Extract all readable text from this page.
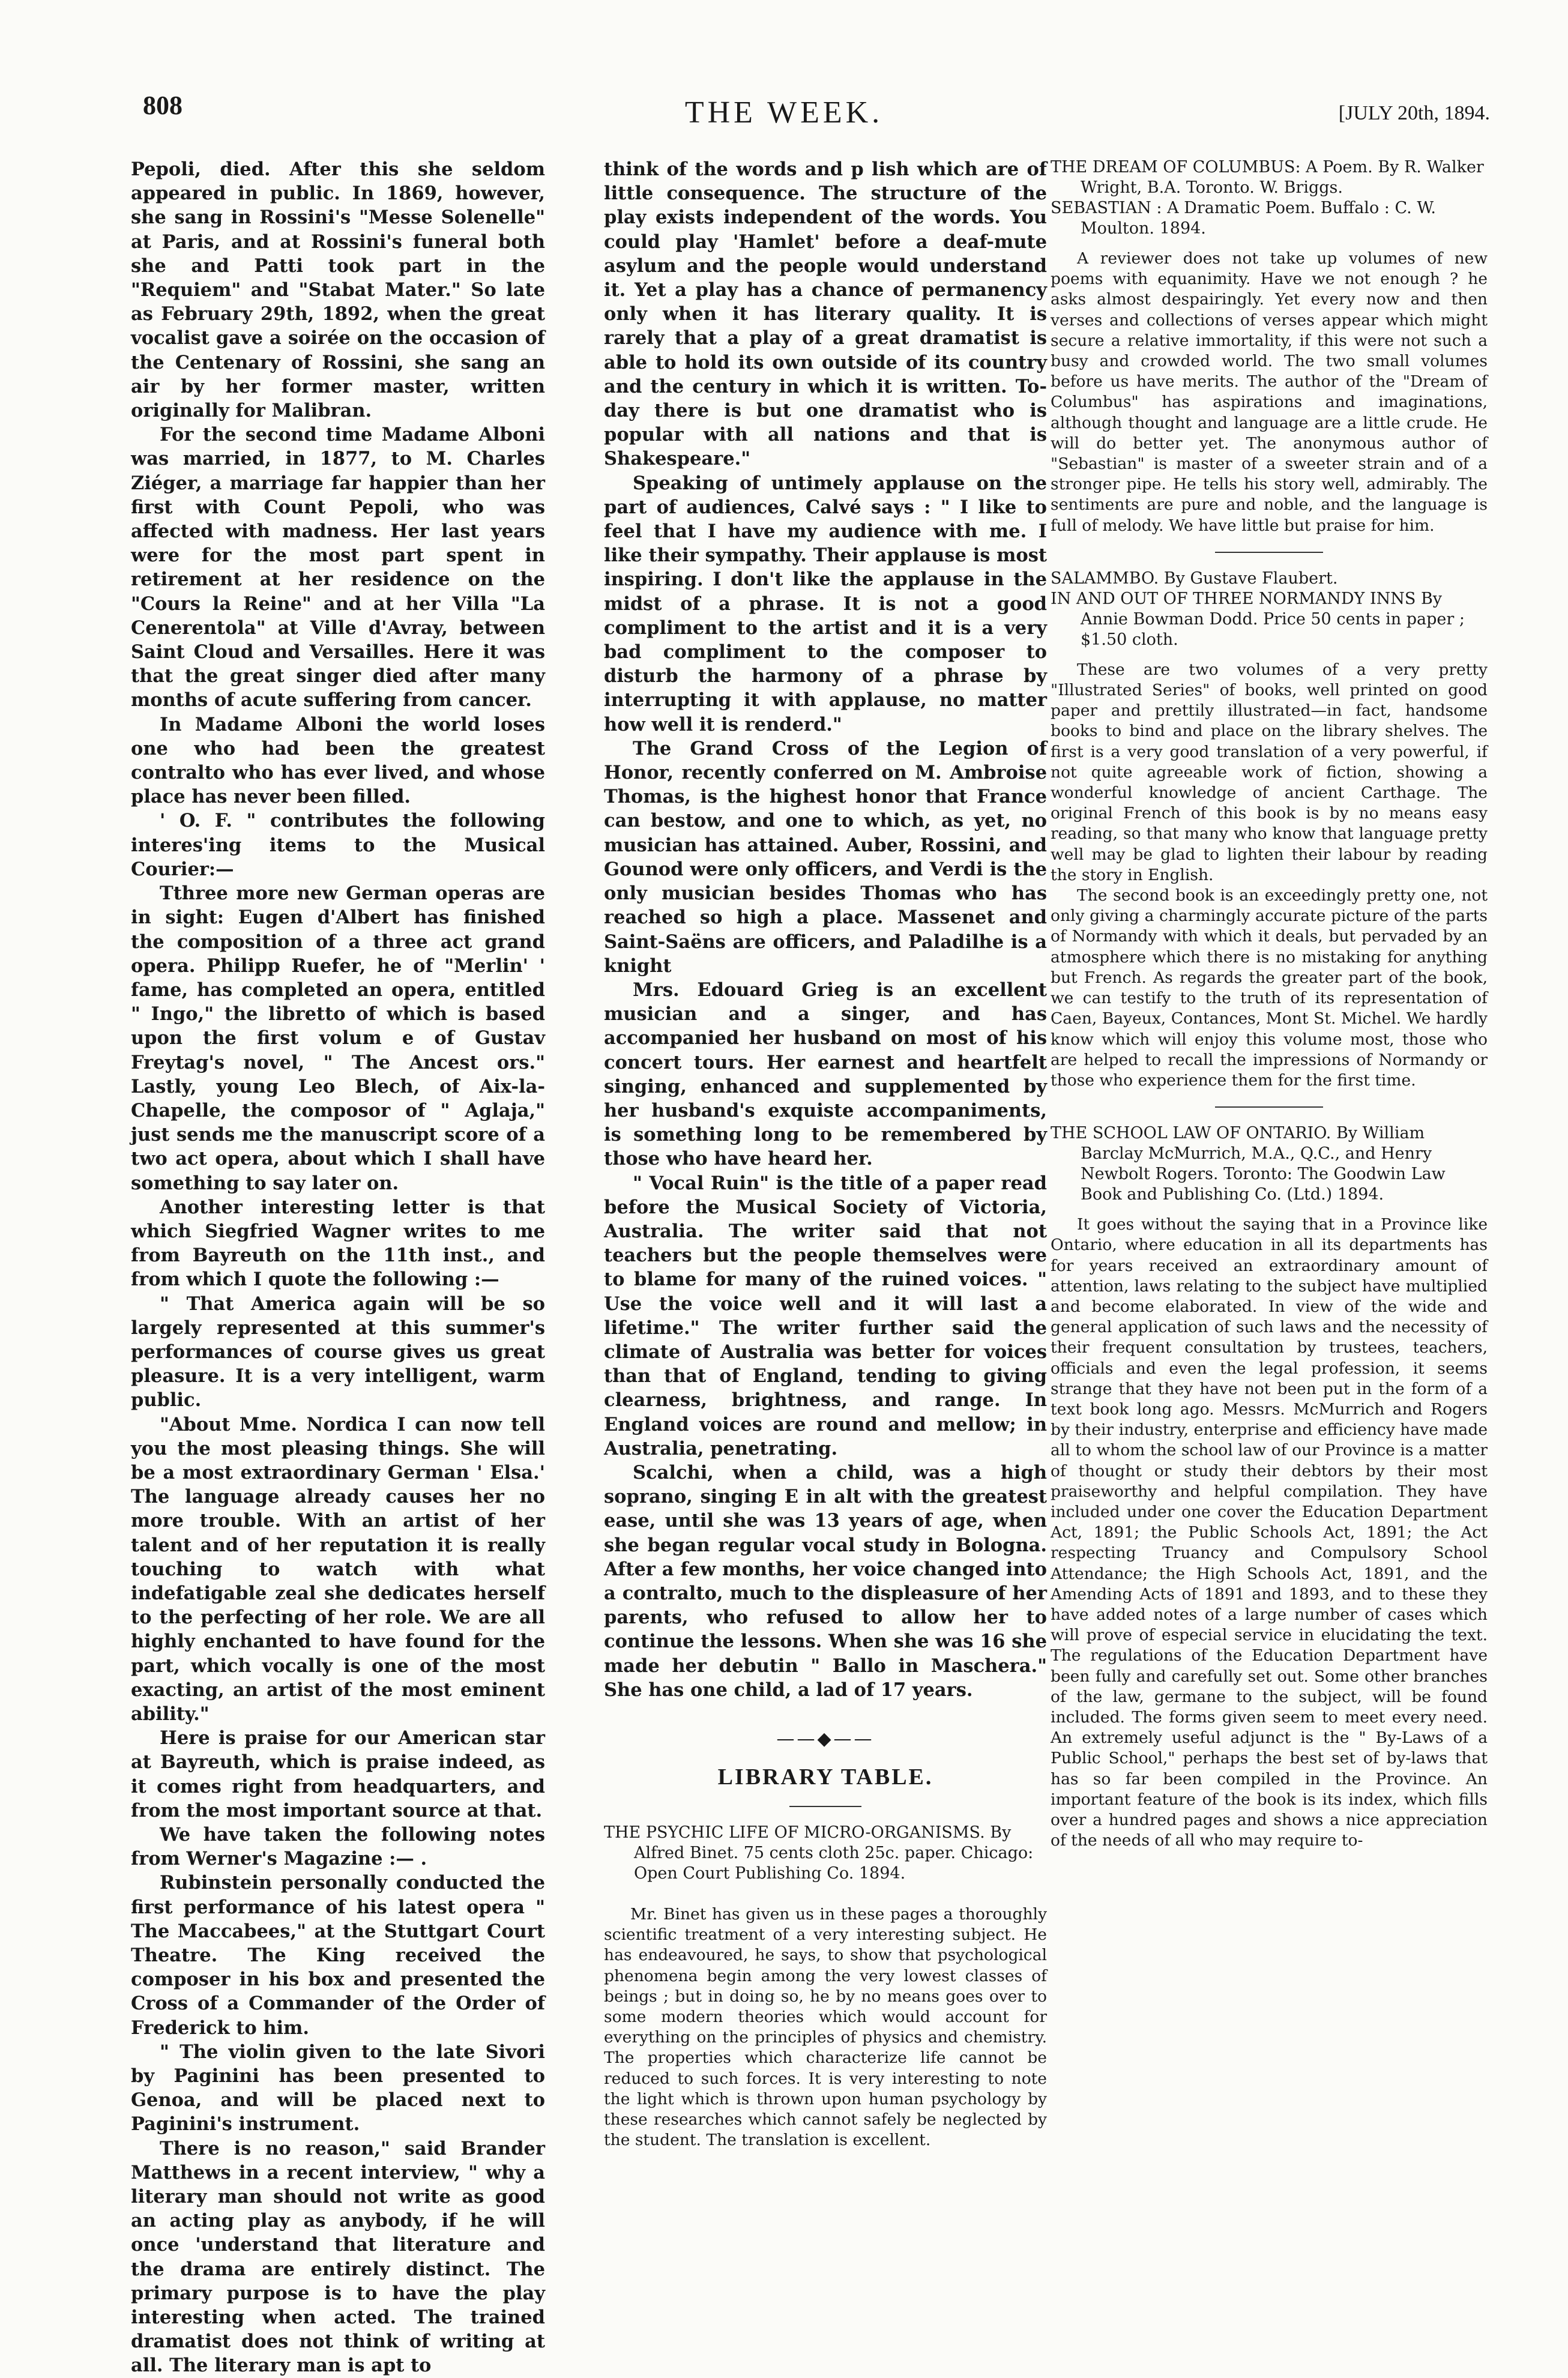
808	THE WEEK.	[JULY 20th, 1894.

Pepoli, died. After this she seldom appeared in public. In 1869, however, she sang in Rossini's "Messe Solenelle" at Paris, and at Rossini's funeral both she and Patti took part in the "Requiem" and "Stabat Mater." So late as February 29th, 1892, when the great vocalist gave a soirée on the occasion of the Centenary of Rossini, she sang an air by her former master, written originally for Malibran.

For the second time Madame Alboni was married, in 1877, to M. Charles Ziéger, a marriage far happier than her first with Count Pepoli, who was affected with madness. Her last years were for the most part spent in retirement at her residence on the "Cours la Reine" and at her Villa "La Cenerentola" at Ville d'Avray, between Saint Cloud and Versailles. Here it was that the great singer died after many months of acute suffering from cancer.

In Madame Alboni the world loses one who had been the greatest contralto who has ever lived, and whose place has never been filled.

' O. F. " contributes the following interes'ing items to the Musical Courier:—

Tthree more new German operas are in sight: Eugen d'Albert has finished the composition of a three act grand opera. Philipp Ruefer, he of "Merlin' ' fame, has completed an opera, entitled " Ingo," the libretto of which is based upon the first volum e of Gustav Freytag's novel, " The Ancest ors." Lastly, young Leo Blech, of Aix-la-Chapelle, the composor of " Aglaja," just sends me the manuscript score of a two act opera, about which I shall have something to say later on.

Another interesting letter is that which Siegfried Wagner writes to me from Bayreuth on the 11th inst., and from which I quote the following :—

" That America again will be so largely represented at this summer's performances of course gives us great pleasure. It is a very intelligent, warm public.

"About Mme. Nordica I can now tell you the most pleasing things. She will be a most extraordinary German ' Elsa.' The language already causes her no more trouble. With an artist of her talent and of her reputation it is really touching to watch with what indefatigable zeal she dedicates herself to the perfecting of her role. We are all highly enchanted to have found for the part, which vocally is one of the most exacting, an artist of the most eminent ability."

Here is praise for our American star at Bayreuth, which is praise indeed, as it comes right from headquarters, and from the most important source at that.

We have taken the following notes from Werner's Magazine :— .

Rubinstein personally conducted the first performance of his latest opera " The Maccabees," at the Stuttgart Court Theatre. The King received the composer in his box and presented the Cross of a Commander of the Order of Frederick to him.

" The violin given to the late Sivori by Paginini has been presented to Genoa, and will be placed next to Paginini's instrument.

There is no reason," said Brander Matthews in a recent interview, " why a literary man should not write as good an acting play as anybody, if he will once 'understand that literature and the drama are entirely distinct. The primary purpose is to have the play interesting when acted. The trained dramatist does not think of writing at all. The literary man is apt to

think of the words and p lish which are of little consequence. The structure of the play exists independent of the words. You could play 'Hamlet' before a deaf-mute asylum and the people would understand it. Yet a play has a chance of permanency only when it has literary quality. It is rarely that a play of a great dramatist is able to hold its own outside of its country and the century in which it is written. To-day there is but one dramatist who is popular with all nations and that is Shakespeare."

Speaking of untimely applause on the part of audiences, Calvé says : " I like to feel that I have my audience with me. I like their sympathy. Their applause is most inspiring. I don't like the applause in the midst of a phrase. It is not a good compliment to the artist and it is a very bad compliment to the composer to disturb the harmony of a phrase by interrupting it with applause, no matter how well it is renderd."

The Grand Cross of the Legion of Honor, recently conferred on M. Ambroise Thomas, is the highest honor that France can bestow, and one to which, as yet, no musician has attained. Auber, Rossini, and Gounod were only officers, and Verdi is the only musician besides Thomas who has reached so high a place. Massenet and Saint-Saëns are officers, and Paladilhe is a knight

Mrs. Edouard Grieg is an excellent musician and a singer, and has accompanied her husband on most of his concert tours. Her earnest and heartfelt singing, enhanced and supplemented by her husband's exquiste accompaniments, is something long to be remembered by those who have heard her.

" Vocal Ruin" is the title of a paper read before the Musical Society of Victoria, Australia. The writer said that not teachers but the people themselves were to blame for many of the ruined voices. " Use the voice well and it will last a lifetime." The writer further said the climate of Australia was better for voices than that of England, tending to giving clearness, brightness, and range. In England voices are round and mellow; in Australia, penetrating.

Scalchi, when a child, was a high soprano, singing E in alt with the greatest ease, until she was 13 years of age, when she began regular vocal study in Bologna. After a few months, her voice changed into a contralto, much to the displeasure of her parents, who refused to allow her to continue the lessons. When she was 16 she made her debutin " Ballo in Maschera." She has one child, a lad of 17 years.

——◆——
LIBRARY TABLE.

THE PSYCHIC LIFE OF MICRO-ORGANISMS. By Alfred Binet. 75 cents cloth 25c. paper. Chicago: Open Court Publishing Co. 1894.

Mr. Binet has given us in these pages a thoroughly scientific treatment of a very interesting subject. He has endeavoured, he says, to show that psychological phenomena begin among the very lowest classes of beings ; but in doing so, he by no means goes over to some modern theories which would account for everything on the principles of physics and chemistry. The properties which characterize life cannot be reduced to such forces. It is very interesting to note the light which is thrown upon human psychology by these researches which cannot safely be neglected by the student. The translation is excellent.

THE DREAM OF COLUMBUS: A Poem. By R. Walker Wright, B.A. Toronto. W. Briggs.

SEBASTIAN : A Dramatic Poem. Buffalo : C. W. Moulton. 1894.

A reviewer does not take up volumes of new poems with equanimity. Have we not enough ? he asks almost despairingly. Yet every now and then verses and collections of verses appear which might secure a relative immortality, if this were not such a busy and crowded world. The two small volumes before us have merits. The author of the "Dream of Columbus" has aspirations and imaginations, although thought and language are a little crude. He will do better yet. The anonymous author of "Sebastian" is master of a sweeter strain and of a stronger pipe. He tells his story well, admirably. The sentiments are pure and noble, and the language is full of melody. We have little but praise for him.

SALAMMBO. By Gustave Flaubert.

IN AND OUT OF THREE NORMANDY INNS By Annie Bowman Dodd. Price 50 cents in paper ; $1.50 cloth.

These are two volumes of a very pretty "Illustrated Series" of books, well printed on good paper and prettily illustrated—in fact, handsome books to bind and place on the library shelves. The first is a very good translation of a very powerful, if not quite agreeable work of fiction, showing a wonderful knowledge of ancient Carthage. The original French of this book is by no means easy reading, so that many who know that language pretty well may be glad to lighten their labour by reading the story in English.

The second book is an exceedingly pretty one, not only giving a charmingly accurate picture of the parts of Normandy with which it deals, but pervaded by an atmosphere which there is no mistaking for anything but French. As regards the greater part of the book, we can testify to the truth of its representation of Caen, Bayeux, Contances, Mont St. Michel. We hardly know which will enjoy this volume most, those who are helped to recall the impressions of Normandy or those who experience them for the first time.

THE SCHOOL LAW OF ONTARIO. By William Barclay McMurrich, M.A., Q.C., and Henry Newbolt Rogers. Toronto: The Goodwin Law Book and Publishing Co. (Ltd.) 1894.

It goes without the saying that in a Province like Ontario, where education in all its departments has for years received an extraordinary amount of attention, laws relating to the subject have multiplied and become elaborated. In view of the wide and general application of such laws and the necessity of their frequent consultation by trustees, teachers, officials and even the legal profession, it seems strange that they have not been put in the form of a text book long ago. Messrs. McMurrich and Rogers by their industry, enterprise and efficiency have made all to whom the school law of our Province is a matter of thought or study their debtors by their most praiseworthy and helpful compilation. They have included under one cover the Education Department Act, 1891; the Public Schools Act, 1891; the Act respecting Truancy and Compulsory School Attendance; the High Schools Act, 1891, and the Amending Acts of 1891 and 1893, and to these they have added notes of a large number of cases which will prove of especial service in elucidating the text. The regulations of the Education Department have been fully and carefully set out. Some other branches of the law, germane to the subject, will be found included. The forms given seem to meet every need. An extremely useful adjunct is the " By-Laws of a Public School," perhaps the best set of by-laws that has so far been compiled in the Province. An important feature of the book is its index, which fills over a hundred pages and shows a nice appreciation of the needs of all who may require to-
